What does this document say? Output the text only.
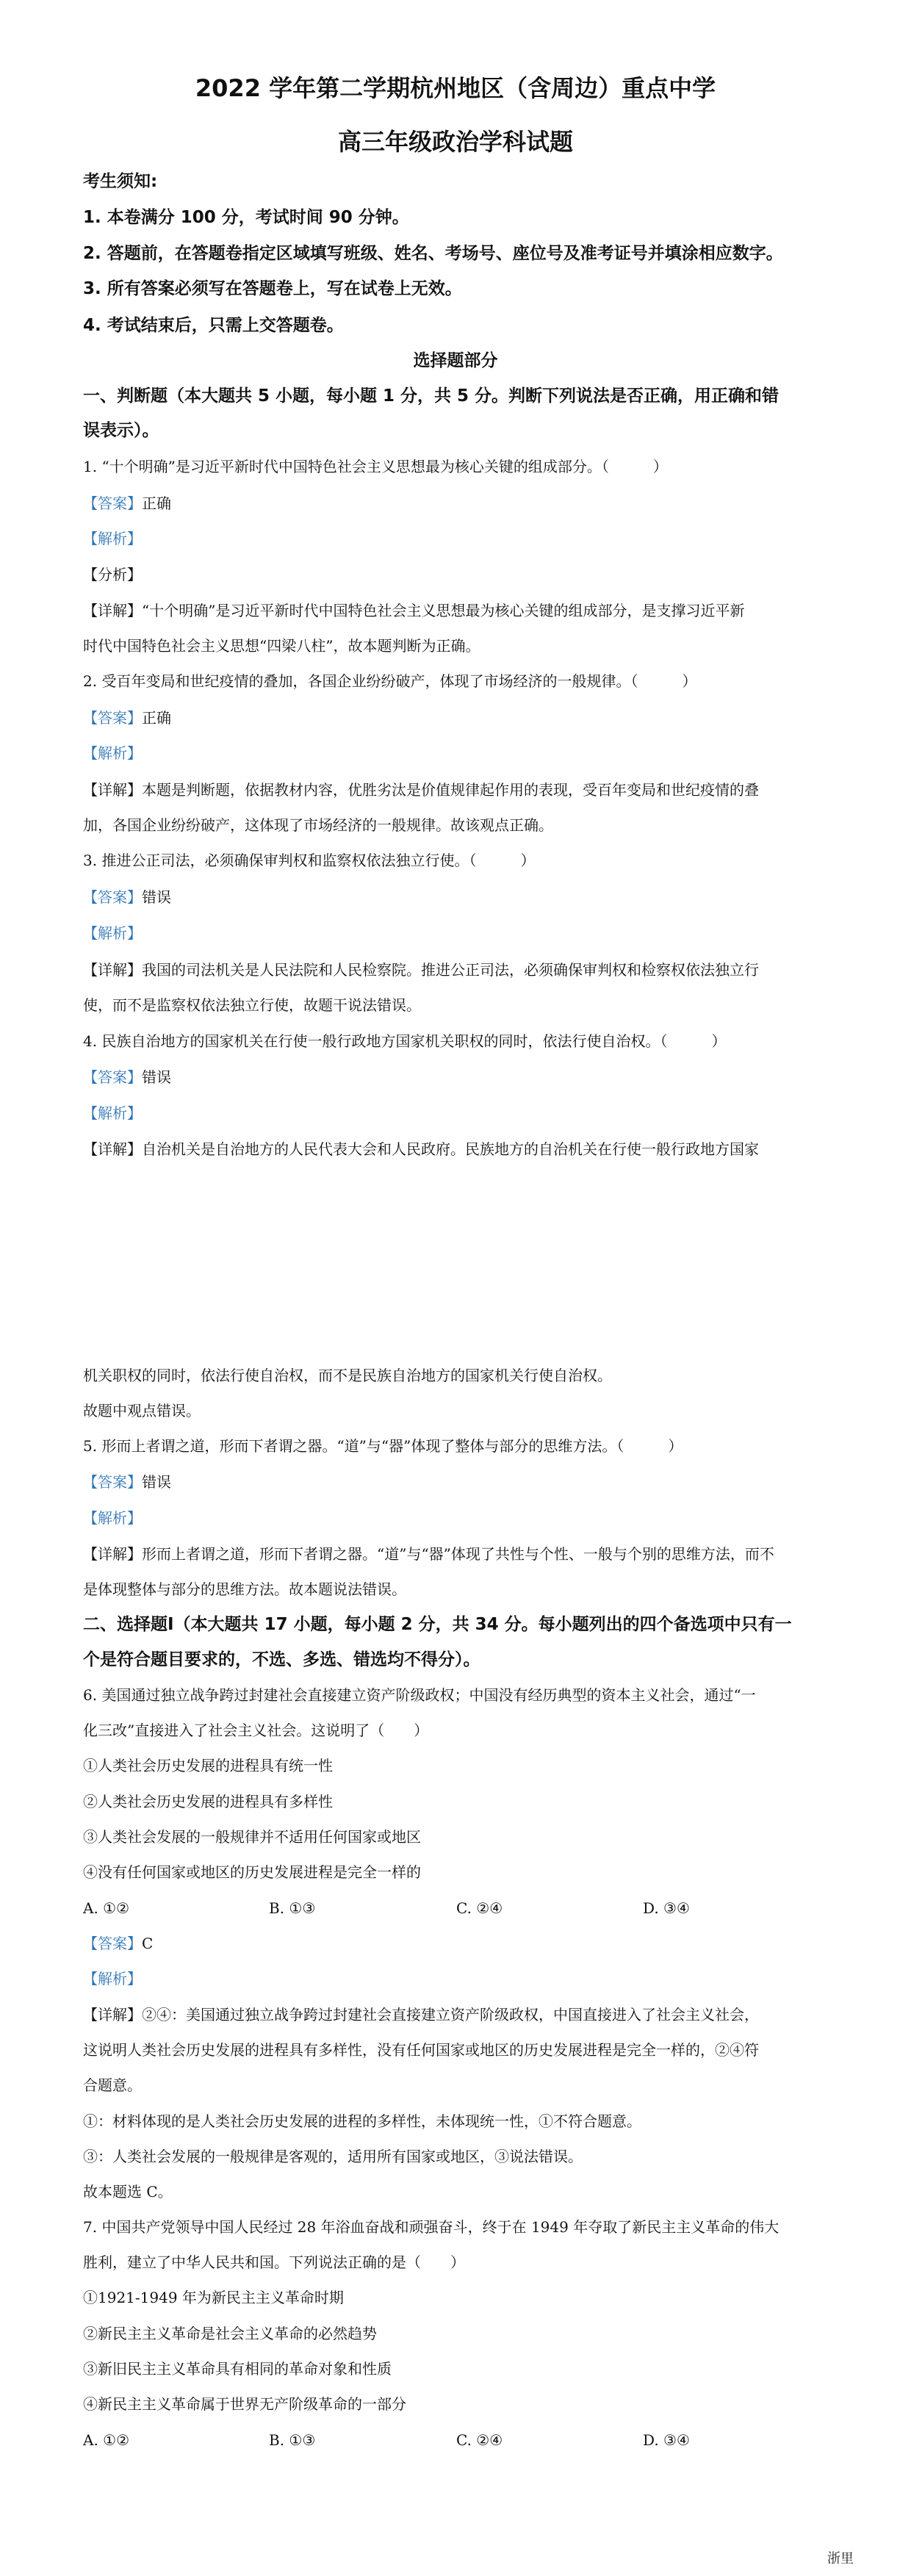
2022 学年第二学期杭州地区（含周边）重点中学
高三年级政治学科试题
考生须知:
1. 本卷满分 100 分，考试时间 90 分钟。
2. 答题前，在答题卷指定区域填写班级、姓名、考场号、座位号及准考证号并填涂相应数字。
3. 所有答案必须写在答题卷上，写在试卷上无效。
4. 考试结束后，只需上交答题卷。
选择题部分
一、判断题（本大题共 5 小题，每小题 1 分，共 5 分。判断下列说法是否正确，用正确和错
误表示）。
1. “十个明确”是习近平新时代中国特色社会主义思想最为核心关键的组成部分。（　　　）
【答案】正确
【解析】
【分析】
【详解】“十个明确”是习近平新时代中国特色社会主义思想最为核心关键的组成部分，是支撑习近平新
时代中国特色社会主义思想“四梁八柱”，故本题判断为正确。
2. 受百年变局和世纪疫情的叠加，各国企业纷纷破产，体现了市场经济的一般规律。（　　　）
【答案】正确
【解析】
【详解】本题是判断题，依据教材内容，优胜劣汰是价值规律起作用的表现，受百年变局和世纪疫情的叠
加，各国企业纷纷破产，这体现了市场经济的一般规律。故该观点正确。
3. 推进公正司法，必须确保审判权和监察权依法独立行使。（　　　）
【答案】错误
【解析】
【详解】我国的司法机关是人民法院和人民检察院。推进公正司法，必须确保审判权和检察权依法独立行
使，而不是监察权依法独立行使，故题干说法错误。
4. 民族自治地方的国家机关在行使一般行政地方国家机关职权的同时，依法行使自治权。（　　　）
【答案】错误
【解析】
【详解】自治机关是自治地方的人民代表大会和人民政府。民族地方的自治机关在行使一般行政地方国家
机关职权的同时，依法行使自治权，而不是民族自治地方的国家机关行使自治权。
故题中观点错误。
5. 形而上者谓之道，形而下者谓之器。“道”与“器”体现了整体与部分的思维方法。（　　　）
【答案】错误
【解析】
【详解】形而上者谓之道，形而下者谓之器。“道”与“器”体现了共性与个性、一般与个别的思维方法，而不
是体现整体与部分的思维方法。故本题说法错误。
二、选择题Ⅰ（本大题共 17 小题，每小题 2 分，共 34 分。每小题列出的四个备选项中只有一
个是符合题目要求的，不选、多选、错选均不得分）。
6. 美国通过独立战争跨过封建社会直接建立资产阶级政权；中国没有经历典型的资本主义社会，通过“一
化三改”直接进入了社会主义社会。这说明了（　　）
①人类社会历史发展的进程具有统一性
②人类社会历史发展的进程具有多样性
③人类社会发展的一般规律并不适用任何国家或地区
④没有任何国家或地区的历史发展进程是完全一样的
A. ①②	B. ①③	C. ②④	D. ③④
【答案】C
【解析】
【详解】②④：美国通过独立战争跨过封建社会直接建立资产阶级政权，中国直接进入了社会主义社会，
这说明人类社会历史发展的进程具有多样性，没有任何国家或地区的历史发展进程是完全一样的，②④符
合题意。
①：材料体现的是人类社会历史发展的进程的多样性，未体现统一性，①不符合题意。
③：人类社会发展的一般规律是客观的，适用所有国家或地区，③说法错误。
故本题选 C。
7. 中国共产党领导中国人民经过 28 年浴血奋战和顽强奋斗，终于在 1949 年夺取了新民主主义革命的伟大
胜利，建立了中华人民共和国。下列说法正确的是（　　）
①1921-1949 年为新民主主义革命时期
②新民主主义革命是社会主义革命的必然趋势
③新旧民主主义革命具有相同的革命对象和性质
④新民主主义革命属于世界无产阶级革命的一部分
A. ①②	B. ①③	C. ②④	D. ③④
浙里
